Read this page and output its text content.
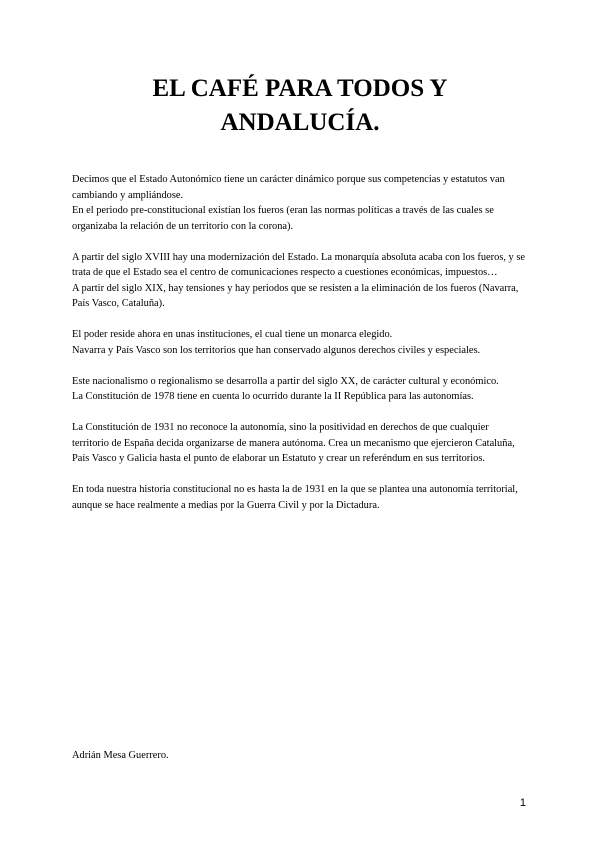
EL CAFÉ PARA TODOS Y
ANDALUCÍA.

Decimos que el Estado Autonómico tiene un carácter dinámico porque sus competencias y estatutos van cambiando y ampliándose.

En el periodo pre-constitucional existían los fueros (eran las normas políticas a través de las cuales se organizaba la relación de un territorio con la corona).

A partir del siglo XVIII hay una modernización del Estado. La monarquía absoluta acaba con los fueros, y se trata de que el Estado sea el centro de comunicaciones respecto a cuestiones económicas, impuestos…

A partir del siglo XIX, hay tensiones y hay periodos que se resisten a la eliminación de los fueros (Navarra, País Vasco, Cataluña).

El poder reside ahora en unas instituciones, el cual tiene un monarca elegido.

Navarra y País Vasco son los territorios que han conservado algunos derechos civiles y especiales.

Este nacionalismo o regionalismo se desarrolla a partir del siglo XX, de carácter cultural y económico.

La Constitución de 1978 tiene en cuenta lo ocurrido durante la II República para las autonomías.

La Constitución de 1931 no reconoce la autonomía, sino la positividad en derechos de que cualquier territorio de España decida organizarse de manera autónoma. Crea un mecanismo que ejercieron Cataluña, País Vasco y Galicia hasta el punto de elaborar un Estatuto y crear un referéndum en sus territorios.

En toda nuestra historia constitucional no es hasta la de 1931 en la que se plantea una autonomía territorial, aunque se hace realmente a medias por la Guerra Civil y por la Dictadura.

Adrián Mesa Guerrero.
1
